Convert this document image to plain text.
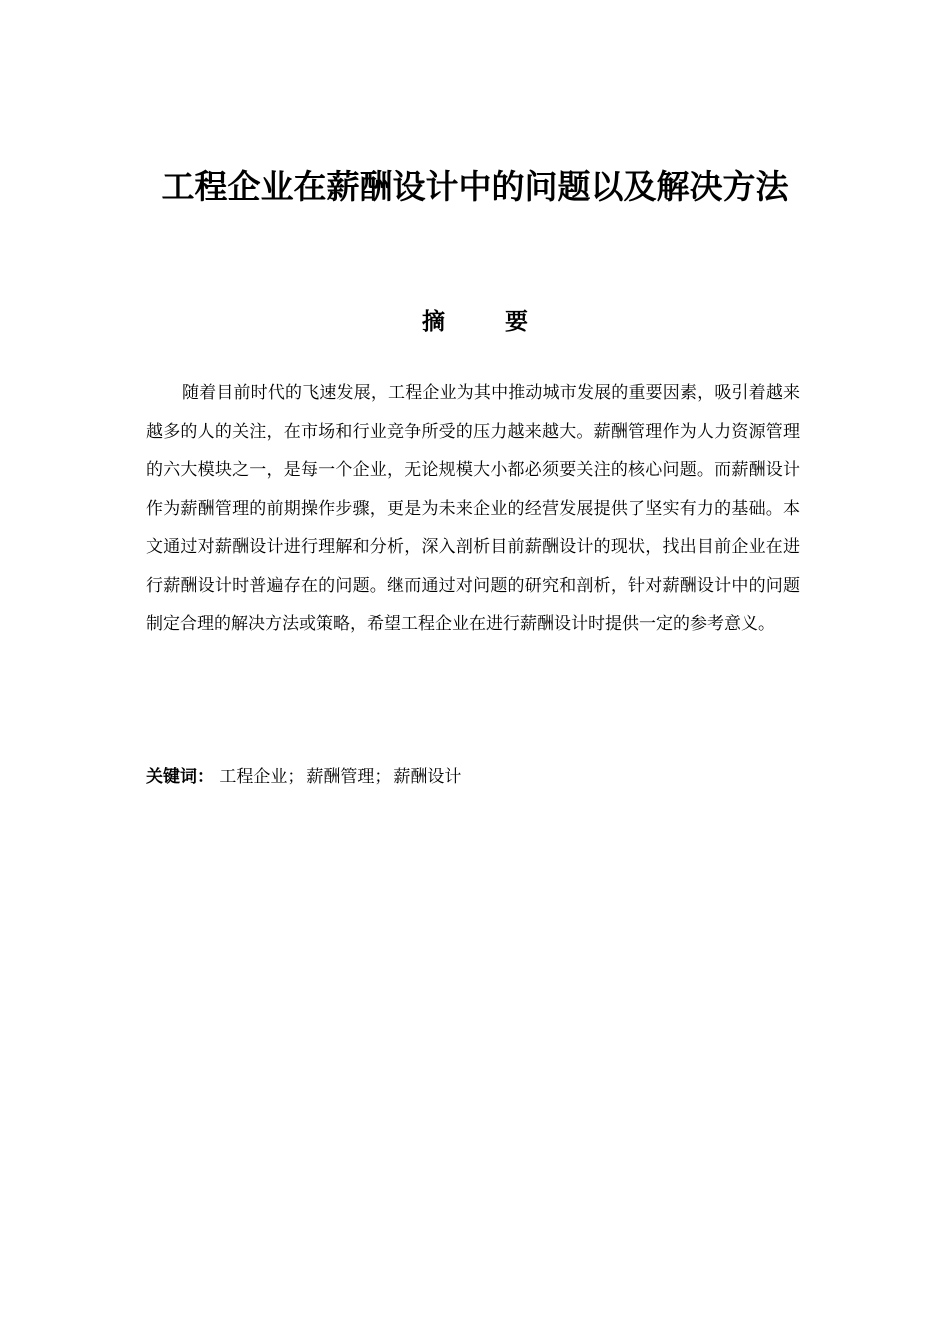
工程企业在薪酬设计中的问题以及解决方法
摘 要

随着目前时代的飞速发展，工程企业为其中推动城市发展的重要因素，吸引着越来越多的人的关注，在市场和行业竞争所受的压力越来越大。薪酬管理作为人力资源管理的六大模块之一，是每一个企业，无论规模大小都必须要关注的核心问题。而薪酬设计作为薪酬管理的前期操作步骤，更是为未来企业的经营发展提供了坚实有力的基础。本文通过对薪酬设计进行理解和分析，深入剖析目前薪酬设计的现状，找出目前企业在进行薪酬设计时普遍存在的问题。继而通过对问题的研究和剖析，针对薪酬设计中的问题制定合理的解决方法或策略，希望工程企业在进行薪酬设计时提供一定的参考意义。

关键词： 工程企业； 薪酬管理； 薪酬设计
